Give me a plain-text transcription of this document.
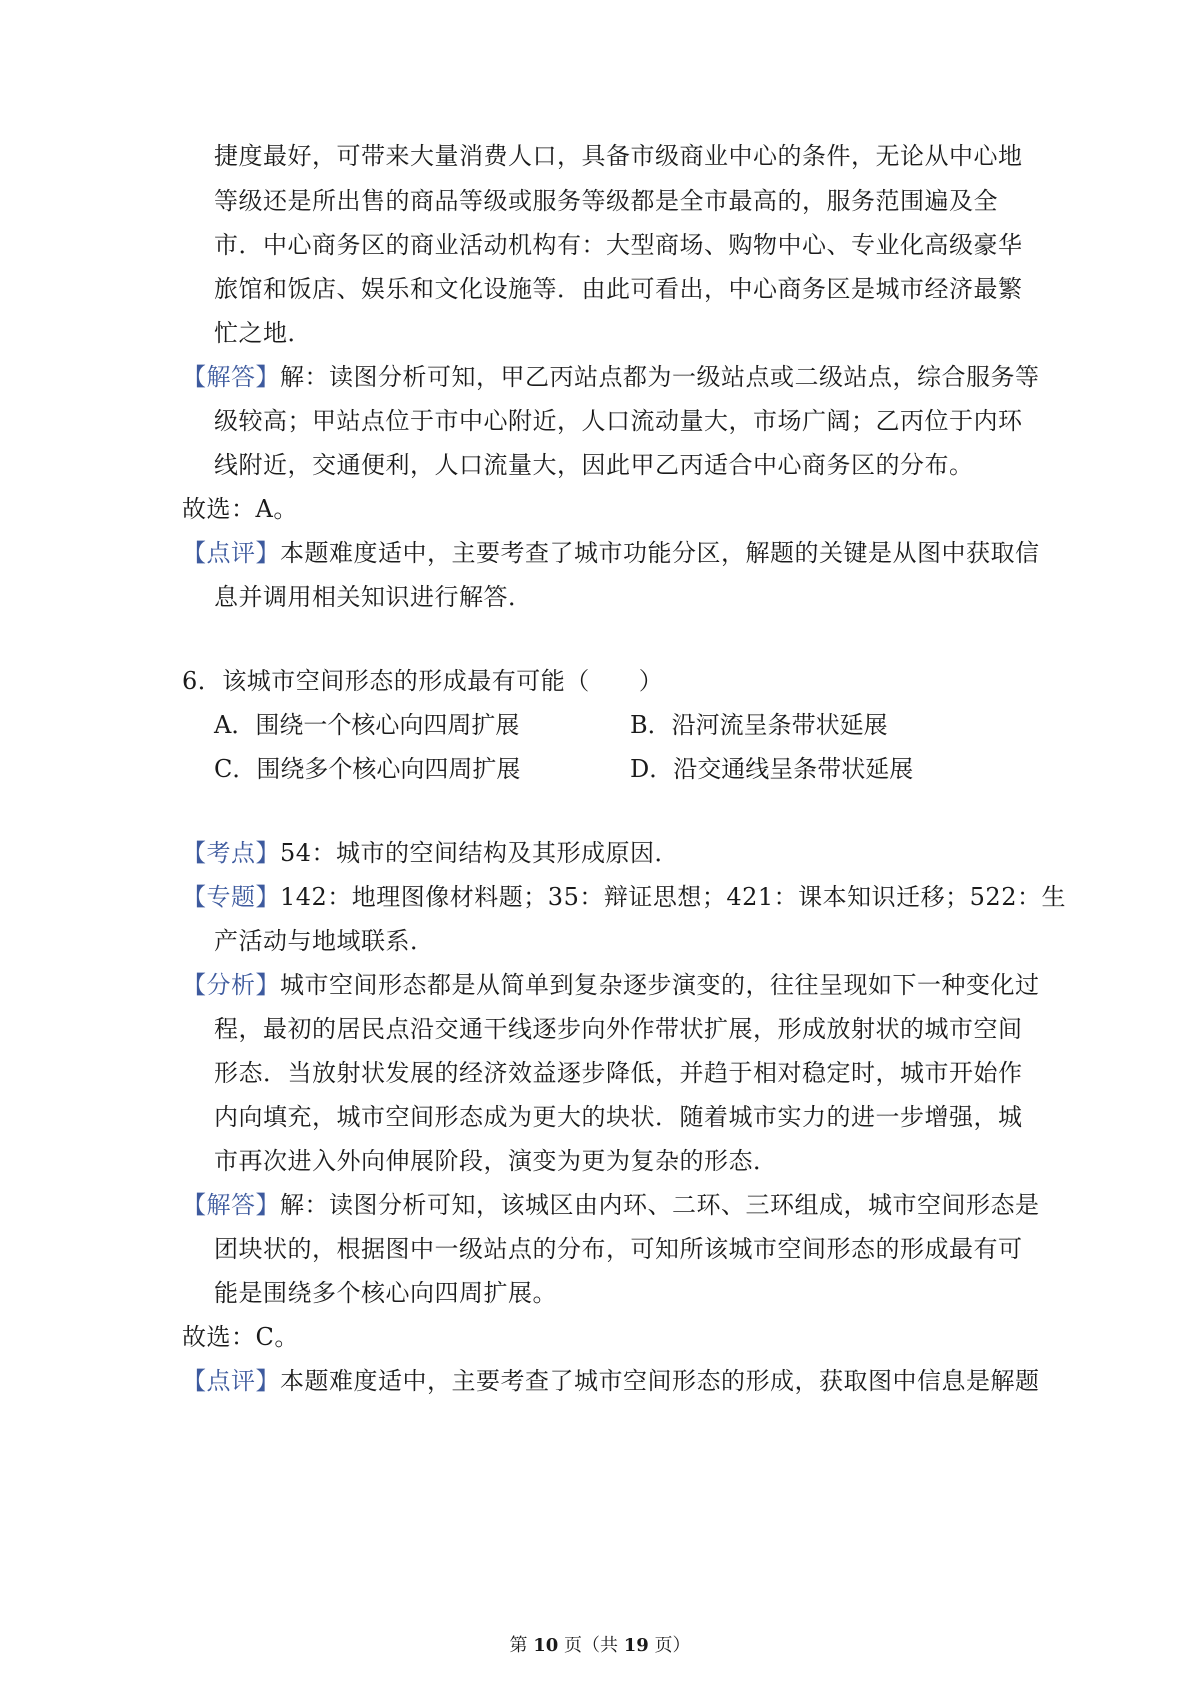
捷度最好，可带来大量消费人口，具备市级商业中心的条件，无论从中心地
等级还是所出售的商品等级或服务等级都是全市最高的，服务范围遍及全
市．中心商务区的商业活动机构有：大型商场、购物中心、专业化高级豪华
旅馆和饭店、娱乐和文化设施等．由此可看出，中心商务区是城市经济最繁
忙之地．
【解答】解：读图分析可知，甲乙丙站点都为一级站点或二级站点，综合服务等
级较高；甲站点位于市中心附近，人口流动量大，市场广阔；乙丙位于内环
线附近，交通便利，人口流量大，因此甲乙丙适合中心商务区的分布。
故选：A。
【点评】本题难度适中，主要考查了城市功能分区，解题的关键是从图中获取信
息并调用相关知识进行解答．
6．该城市空间形态的形成最有可能（　　）
A．围绕一个核心向四周扩展	B．沿河流呈条带状延展
C．围绕多个核心向四周扩展	D．沿交通线呈条带状延展
【考点】54：城市的空间结构及其形成原因．
【专题】142：地理图像材料题；35：辩证思想；421：课本知识迁移；522：生
产活动与地域联系．
【分析】城市空间形态都是从简单到复杂逐步演变的，往往呈现如下一种变化过
程，最初的居民点沿交通干线逐步向外作带状扩展，形成放射状的城市空间
形态．当放射状发展的经济效益逐步降低，并趋于相对稳定时，城市开始作
内向填充，城市空间形态成为更大的块状．随着城市实力的进一步增强，城
市再次进入外向伸展阶段，演变为更为复杂的形态．
【解答】解：读图分析可知，该城区由内环、二环、三环组成，城市空间形态是
团块状的，根据图中一级站点的分布，可知所该城市空间形态的形成最有可
能是围绕多个核心向四周扩展。
故选：C。
【点评】本题难度适中，主要考查了城市空间形态的形成，获取图中信息是解题
第 10 页（共 19 页）
